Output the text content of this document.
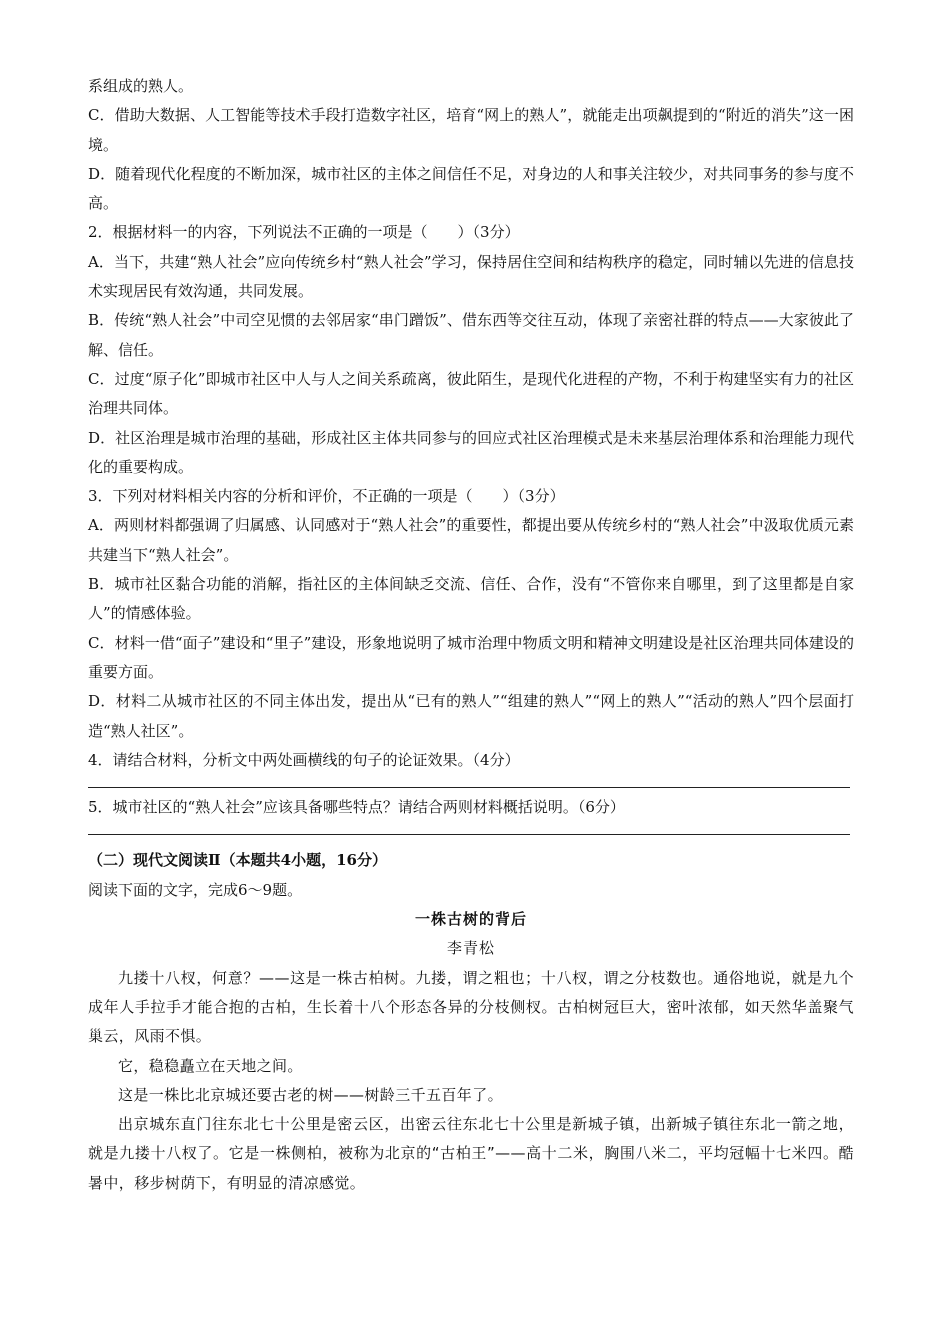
系组成的熟人。
C．借助大数据、人工智能等技术手段打造数字社区，培育“网上的熟人”，就能走出项飙提到的“附近的消失”这一困境。
D．随着现代化程度的不断加深，城市社区的主体之间信任不足，对身边的人和事关注较少，对共同事务的参与度不高。
2．根据材料一的内容，下列说法不正确的一项是（　　）（3分）
A．当下，共建“熟人社会”应向传统乡村“熟人社会”学习，保持居住空间和结构秩序的稳定，同时辅以先进的信息技术实现居民有效沟通，共同发展。
B．传统“熟人社会”中司空见惯的去邻居家“串门蹭饭”、借东西等交往互动，体现了亲密社群的特点——大家彼此了解、信任。
C．过度“原子化”即城市社区中人与人之间关系疏离，彼此陌生，是现代化进程的产物，不利于构建坚实有力的社区治理共同体。
D．社区治理是城市治理的基础，形成社区主体共同参与的回应式社区治理模式是未来基层治理体系和治理能力现代化的重要构成。
3．下列对材料相关内容的分析和评价，不正确的一项是（　　）（3分）
A．两则材料都强调了归属感、认同感对于“熟人社会”的重要性，都提出要从传统乡村的“熟人社会”中汲取优质元素共建当下“熟人社会”。
B．城市社区黏合功能的消解，指社区的主体间缺乏交流、信任、合作，没有“不管你来自哪里，到了这里都是自家人”的情感体验。
C．材料一借“面子”建设和“里子”建设，形象地说明了城市治理中物质文明和精神文明建设是社区治理共同体建设的重要方面。
D．材料二从城市社区的不同主体出发，提出从“已有的熟人”“组建的熟人”“网上的熟人”“活动的熟人”四个层面打造“熟人社区”。
4．请结合材料，分析文中两处画横线的句子的论证效果。（4分）
5．城市社区的“熟人社会”应该具备哪些特点？请结合两则材料概括说明。（6分）
（二）现代文阅读Ⅱ（本题共4小题，16分）
阅读下面的文字，完成6～9题。
一株古树的背后
李青松
九搂十八杈，何意？——这是一株古柏树。九搂，谓之粗也；十八杈，谓之分枝数也。通俗地说，就是九个成年人手拉手才能合抱的古柏，生长着十八个形态各异的分枝侧杈。古柏树冠巨大，密叶浓郁，如天然华盖聚气巢云，风雨不惧。
它，稳稳矗立在天地之间。
这是一株比北京城还要古老的树——树龄三千五百年了。
出京城东直门往东北七十公里是密云区，出密云往东北七十公里是新城子镇，出新城子镇往东北一箭之地，就是九搂十八杈了。它是一株侧柏，被称为北京的“古柏王”——高十二米，胸围八米二，平均冠幅十七米四。酷暑中，移步树荫下，有明显的清凉感觉。
